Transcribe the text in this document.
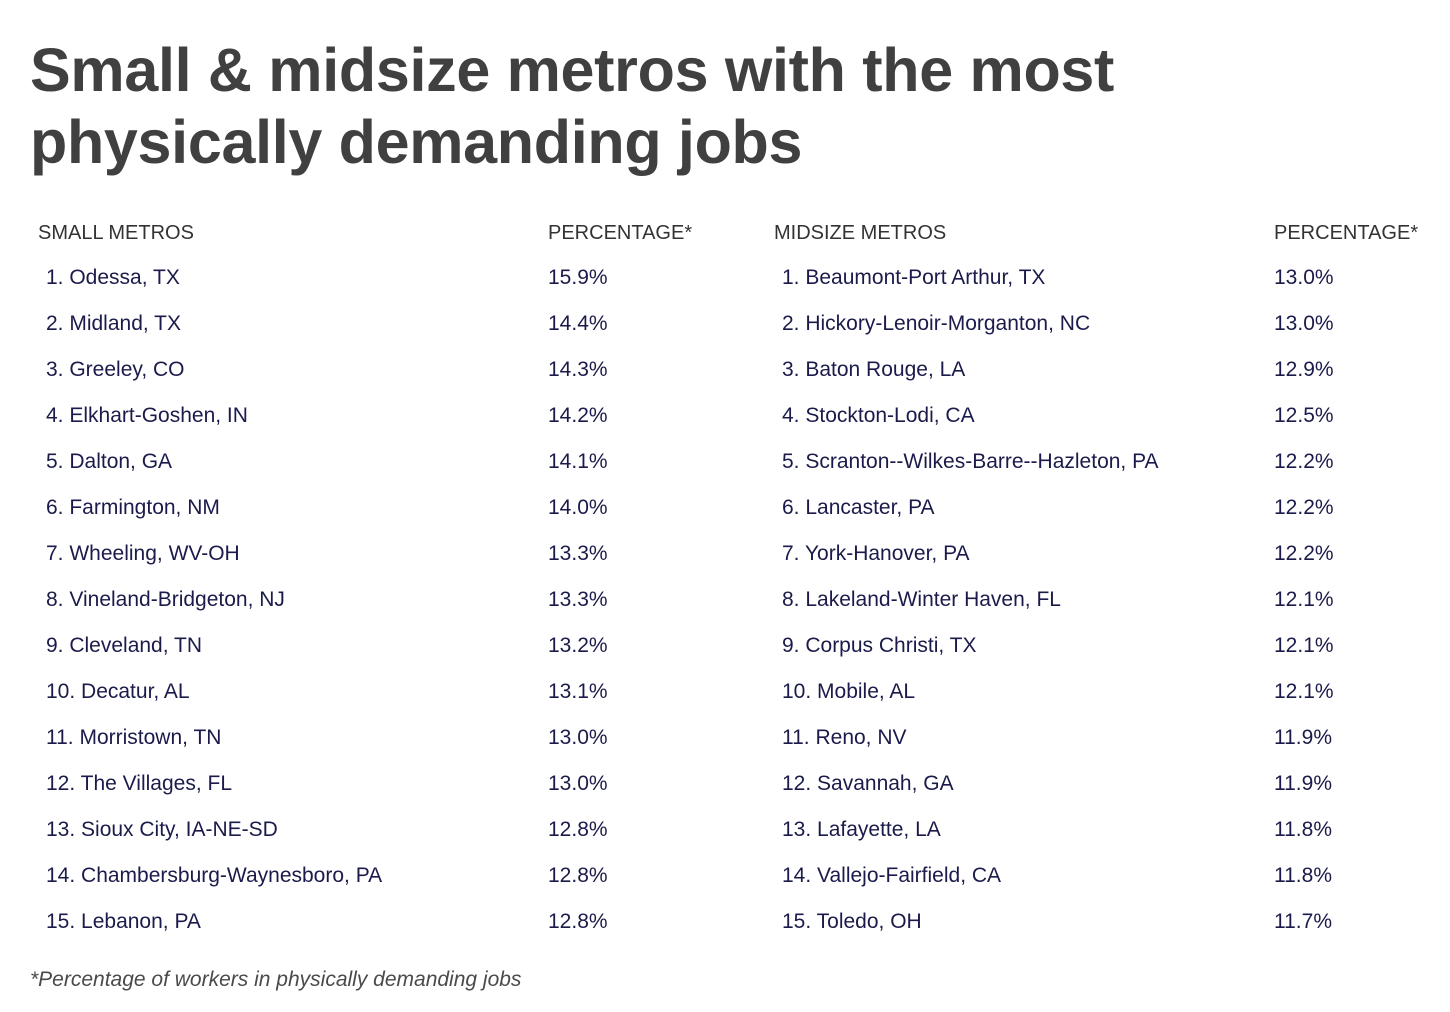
Small & midsize metros with the most physically demanding jobs
SMALL METROS	PERCENTAGE*
1. Odessa, TX	15.9%
2. Midland, TX	14.4%
3. Greeley, CO	14.3%
4. Elkhart-Goshen, IN	14.2%
5. Dalton, GA	14.1%
6. Farmington, NM	14.0%
7. Wheeling, WV-OH	13.3%
8. Vineland-Bridgeton, NJ	13.3%
9. Cleveland, TN	13.2%
10. Decatur, AL	13.1%
11. Morristown, TN	13.0%
12. The Villages, FL	13.0%
13. Sioux City, IA-NE-SD	12.8%
14. Chambersburg-Waynesboro, PA	12.8%
15. Lebanon, PA	12.8%
MIDSIZE METROS	PERCENTAGE*
1. Beaumont-Port Arthur, TX	13.0%
2. Hickory-Lenoir-Morganton, NC	13.0%
3. Baton Rouge, LA	12.9%
4. Stockton-Lodi, CA	12.5%
5. Scranton--Wilkes-Barre--Hazleton, PA	12.2%
6. Lancaster, PA	12.2%
7. York-Hanover, PA	12.2%
8. Lakeland-Winter Haven, FL	12.1%
9. Corpus Christi, TX	12.1%
10. Mobile, AL	12.1%
11. Reno, NV	11.9%
12. Savannah, GA	11.9%
13. Lafayette, LA	11.8%
14. Vallejo-Fairfield, CA	11.8%
15. Toledo, OH	11.7%
*Percentage of workers in physically demanding jobs
